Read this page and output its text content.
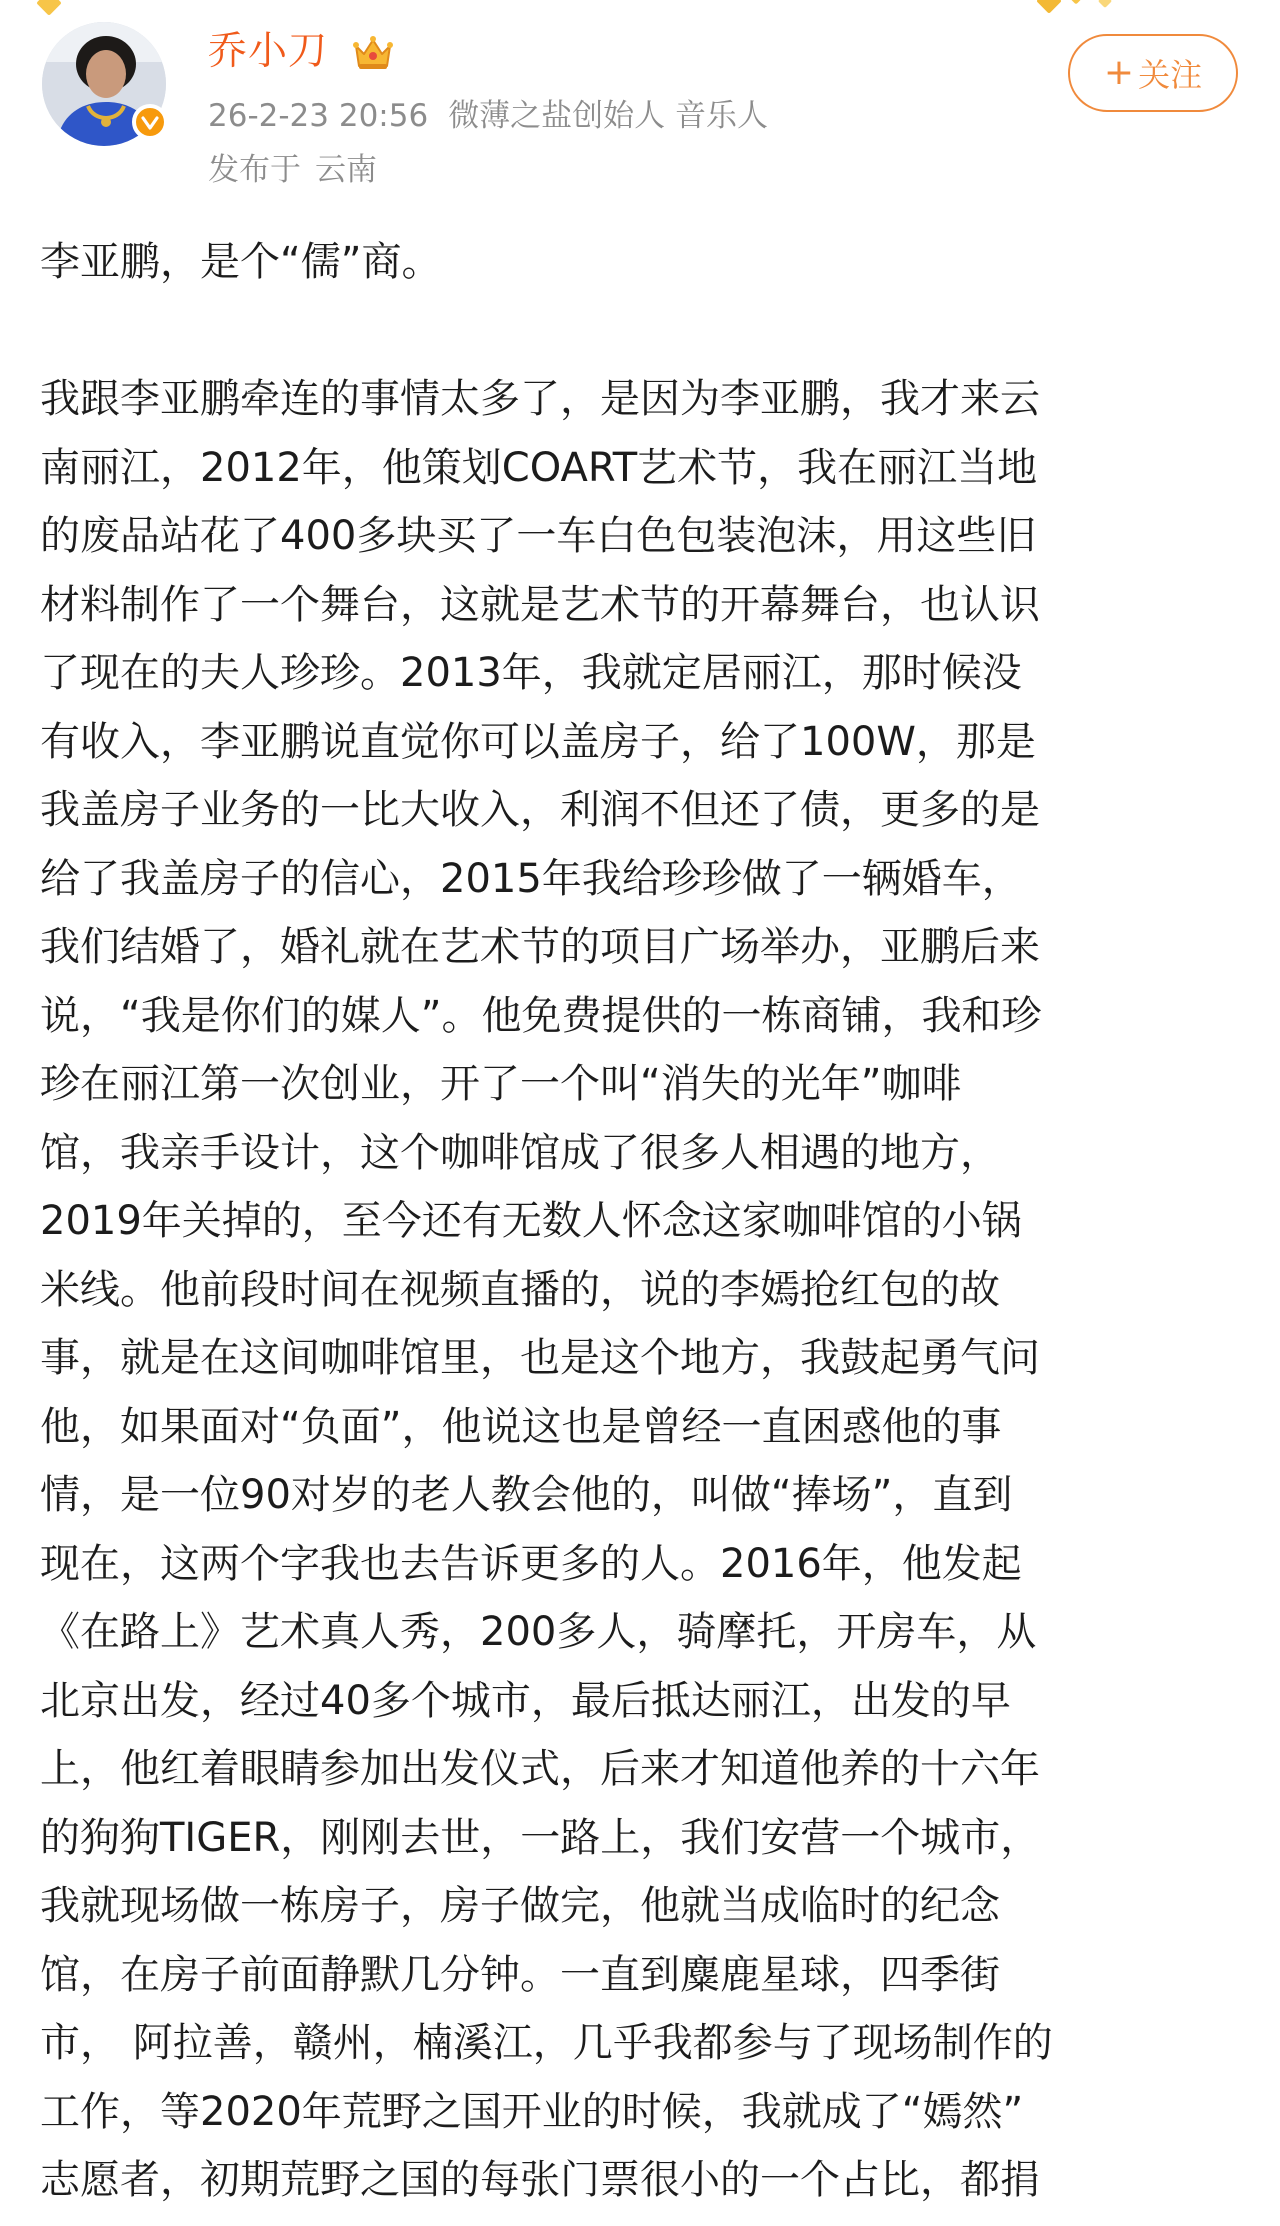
乔小刀
26-2-23 20:56 微薄之盐创始人 音乐人
发布于 云南
+ 关注

李亚鹏，是个“儒”商。

我跟李亚鹏牵连的事情太多了，是因为李亚鹏，我才来云

南丽江，2012年，他策划COART艺术节，我在丽江当地

的废品站花了400多块买了一车白色包装泡沫，用这些旧

材料制作了一个舞台，这就是艺术节的开幕舞台，也认识

了现在的夫人珍珍。2013年，我就定居丽江，那时候没

有收入，李亚鹏说直觉你可以盖房子，给了100W，那是

我盖房子业务的一比大收入，利润不但还了债，更多的是

给了我盖房子的信心，2015年我给珍珍做了一辆婚车，

我们结婚了，婚礼就在艺术节的项目广场举办，亚鹏后来

说，“我是你们的媒人”。他免费提供的一栋商铺，我和珍

珍在丽江第一次创业，开了一个叫“消失的光年”咖啡

馆，我亲手设计，这个咖啡馆成了很多人相遇的地方，

2019年关掉的，至今还有无数人怀念这家咖啡馆的小锅

米线。他前段时间在视频直播的，说的李嫣抢红包的故

事，就是在这间咖啡馆里，也是这个地方，我鼓起勇气问

他，如果面对“负面”，他说这也是曾经一直困惑他的事

情，是一位90对岁的老人教会他的，叫做“捧场”，直到

现在，这两个字我也去告诉更多的人。2016年，他发起

《在路上》艺术真人秀，200多人，骑摩托，开房车，从

北京出发，经过40多个城市，最后抵达丽江，出发的早

上，他红着眼睛参加出发仪式，后来才知道他养的十六年

的狗狗TIGER，刚刚去世，一路上，我们安营一个城市，

我就现场做一栋房子，房子做完，他就当成临时的纪念

馆，在房子前面静默几分钟。一直到麋鹿星球，四季街

市， 阿拉善，赣州，楠溪江，几乎我都参与了现场制作的

工作，等2020年荒野之国开业的时候，我就成了“嫣然”

志愿者，初期荒野之国的每张门票很小的一个占比，都捐
